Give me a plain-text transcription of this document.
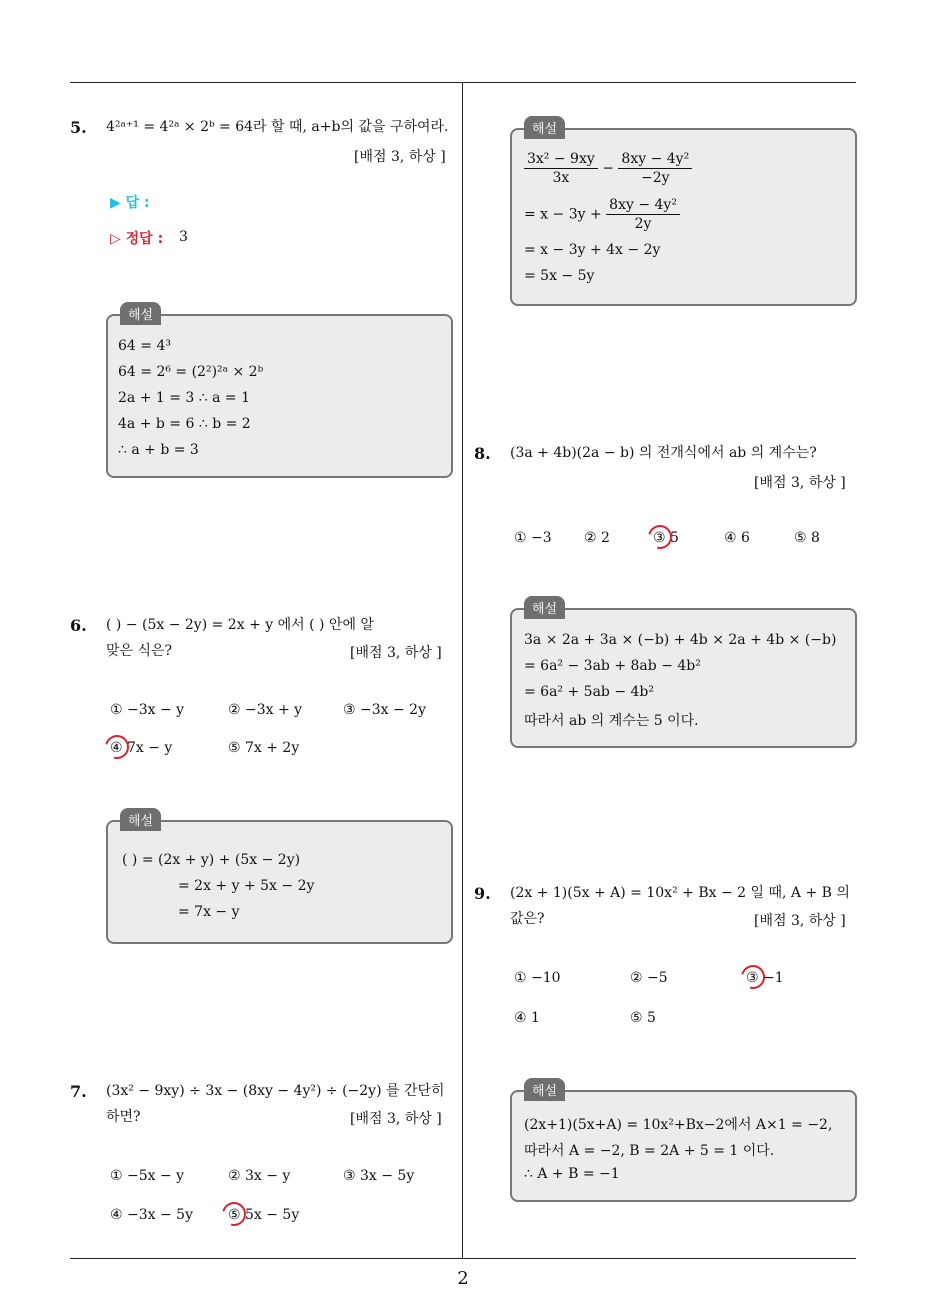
5. 4²ᵃ⁺¹ = 4²ᵃ × 2ᵇ = 64라 할 때, a+b의 값을 구하여라.
[배점 3, 하상 ]
▶ 답 :
▷ 정답 : 3
해설
64 = 4³
64 = 2⁶ = (2²)²ᵃ × 2ᵇ
2a + 1 = 3 ∴ a = 1
4a + b = 6 ∴ b = 2
∴ a + b = 3
6. ( ) − (5x − 2y) = 2x + y 에서 ( ) 안에 알
맞은 식은?	[배점 3, 하상 ]
① −3x − y	② −3x + y	③ −3x − 2y
④ 7x − y	⑤ 7x + 2y
해설
( ) = (2x + y) + (5x − 2y)
= 2x + y + 5x − 2y
= 7x − y
7. (3x² − 9xy) ÷ 3x − (8xy − 4y²) ÷ (−2y) 를 간단히
하면?	[배점 3, 하상 ]
① −5x − y	② 3x − y	③ 3x − 5y
④ −3x − 5y	⑤ 5x − 5y
해설
$\frac{\text{3x² − 9xy}}{3x} - \frac{\text{8xy − 4y²}}{-2y}$
= $x - 3y + \frac{\text{8xy − 4y²}}{2y}$
= x − 3y + 4x − 2y
= 5x − 5y
8. (3a + 4b)(2a − b) 의 전개식에서 ab 의 계수는?
[배점 3, 하상 ]
① −3 ② 2	③ 5	④ 6	⑤ 8
해설
3a × 2a + 3a × (−b) + 4b × 2a + 4b × (−b)
= 6a² − 3ab + 8ab − 4b²
= 6a² + 5ab − 4b²
따라서 ab 의 계수는 5 이다.
9. (2x + 1)(5x + A) = 10x² + Bx − 2 일 때, A + B 의
값은?	[배점 3, 하상 ]
① −10	② −5	③ −1
④ 1	⑤ 5
해설
(2x+1)(5x+A) = 10x²+Bx−2에서 A×1 = −2,
따라서 A = −2, B = 2A + 5 = 1 이다.
∴ A + B = −1
2
